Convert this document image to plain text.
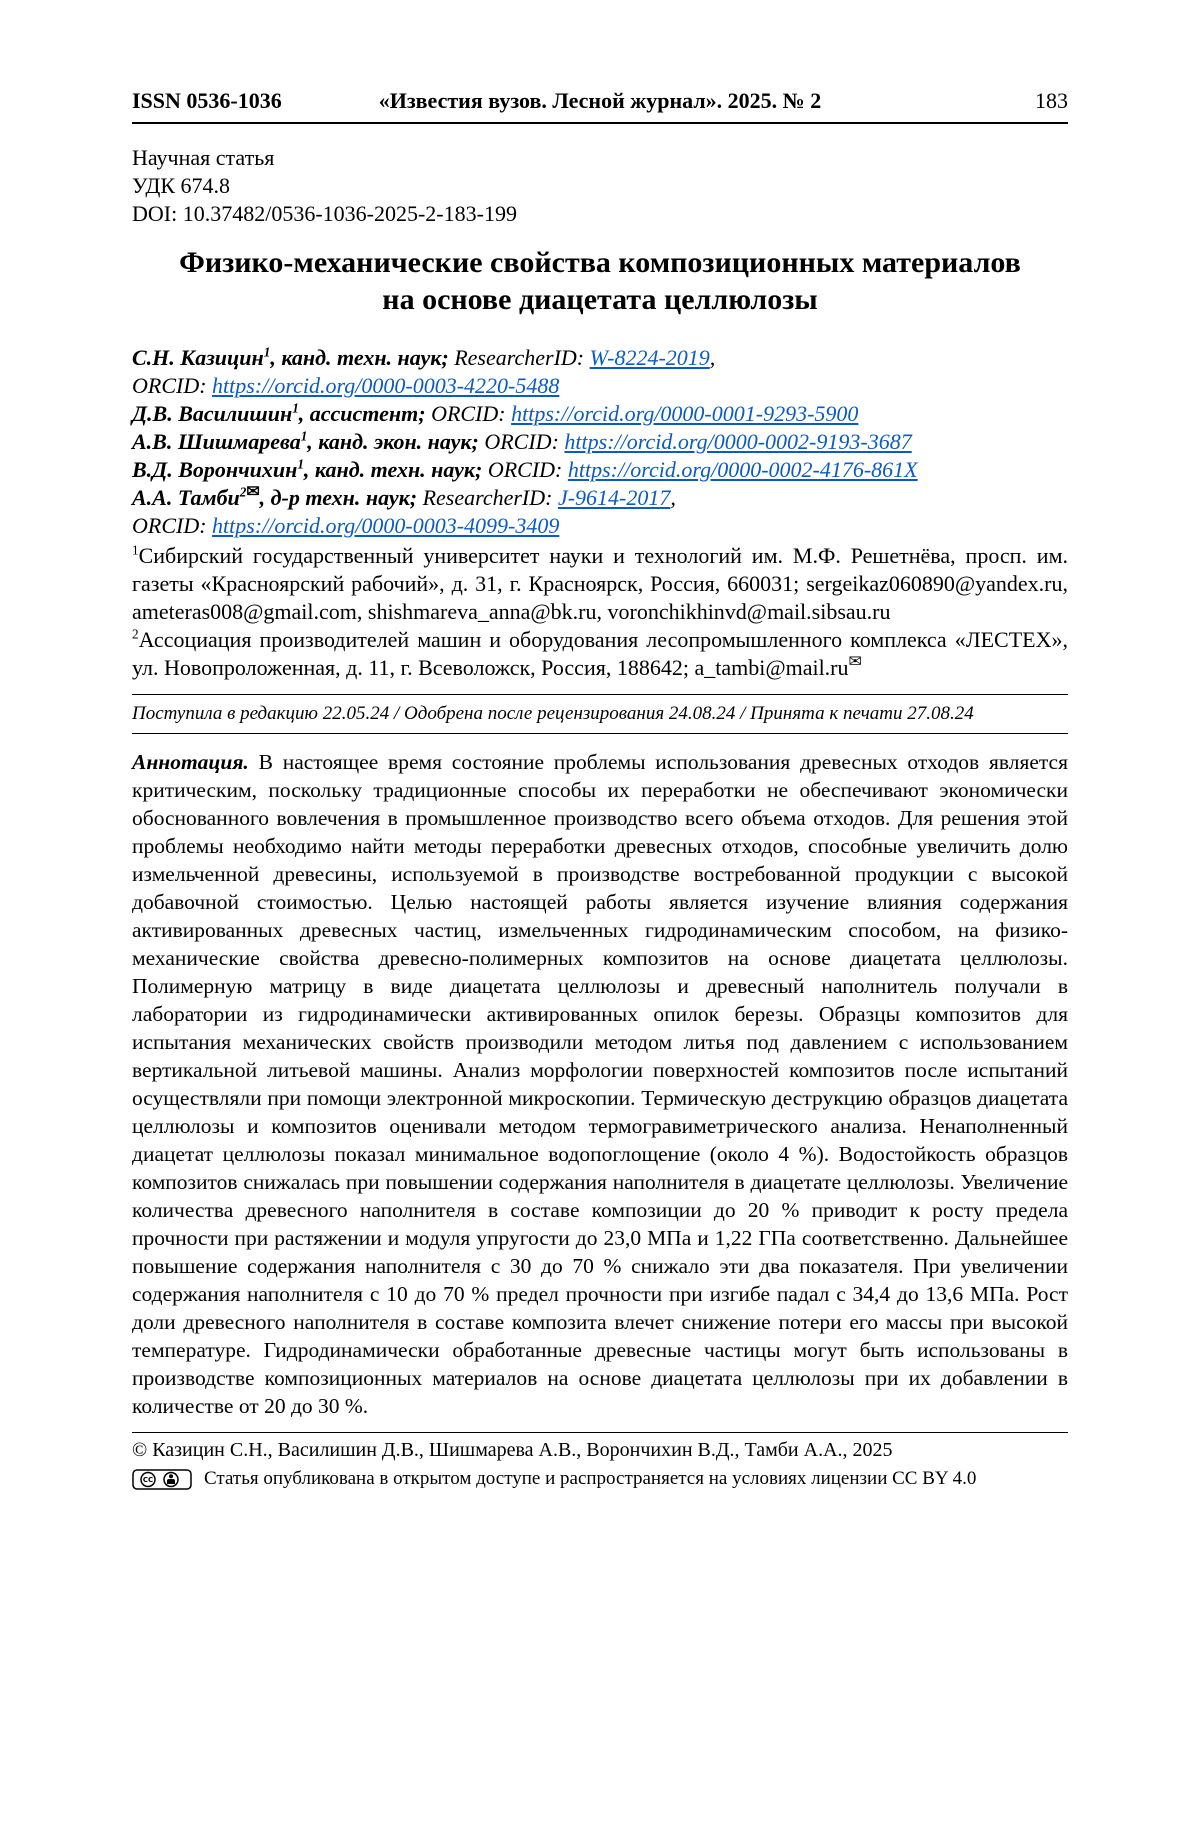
ISSN 0536-1036	«Известия вузов. Лесной журнал». 2025. № 2	183
Научная статья
УДК 674.8
DOI: 10.37482/0536-1036-2025-2-183-199
Физико-механические свойства композиционных материалов на основе диацетата целлюлозы

С.Н. Казицин$^1$, канд. техн. наук; ResearcherID: W-8224-2019, ORCID: https://orcid.org/0000-0003-4220-5488

Д.В. Василишин$^1$, ассистент; ORCID: https://orcid.org/0000-0001-9293-5900

А.В. Шишмарева$^1$, канд. экон. наук; ORCID: https://orcid.org/0000-0002-9193-3687

В.Д. Ворончихин$^1$, канд. техн. наук; ORCID: https://orcid.org/0000-0002-4176-861X

А.А. Тамби$^{2✉}$, д-р техн. наук; ResearcherID: J-9614-2017, ORCID: https://orcid.org/0000-0003-4099-3409

$^1$Сибирский государственный университет науки и технологий им. М.Ф. Решетнёва, просп. им. газеты «Красноярский рабочий», д. 31, г. Красноярск, Россия, 660031; sergeikaz060890@yandex.ru, ameteras008@gmail.com, shishmareva_anna@bk.ru, voronchikhinvd@mail.sibsau.ru

$^2$Ассоциация производителей машин и оборудования лесопромышленного комплекса «ЛЕСТЕХ», ул. Новопроложенная, д. 11, г. Всеволожск, Россия, 188642; a_tambi@mail.ru✉

Поступила в редакцию 22.05.24 / Одобрена после рецензирования 24.08.24 / Принята к печати 27.08.24

Аннотация. В настоящее время состояние проблемы использования древесных отходов является критическим, поскольку традиционные способы их переработки не обеспечивают экономически обоснованного вовлечения в промышленное производство всего объема отходов. Для решения этой проблемы необходимо найти методы переработки древесных отходов, способные увеличить долю измельченной древесины, используемой в производстве востребованной продукции с высокой добавочной стоимостью. Целью настоящей работы является изучение влияния содержания активированных древесных частиц, измельченных гидродинамическим способом, на физико-механические свойства древесно-полимерных композитов на основе диацетата целлюлозы. Полимерную матрицу в виде диацетата целлюлозы и древесный наполнитель получали в лаборатории из гидродинамически активированных опилок березы. Образцы композитов для испытания механических свойств производили методом литья под давлением с использованием вертикальной литьевой машины. Анализ морфологии поверхностей композитов после испытаний осуществляли при помощи электронной микроскопии. Термическую деструкцию образцов диацетата целлюлозы и композитов оценивали методом термогравиметрического анализа. Ненаполненный диацетат целлюлозы показал минимальное водопоглощение (около 4 %). Водостойкость образцов композитов снижалась при повышении содержания наполнителя в диацетате целлюлозы. Увеличение количества древесного наполнителя в составе композиции до 20 % приводит к росту предела прочности при растяжении и модуля упругости до 23,0 МПа и 1,22 ГПа соответственно. Дальнейшее повышение содержания наполнителя с 30 до 70 % снижало эти два показателя. При увеличении содержания наполнителя с 10 до 70 % предел прочности при изгибе падал с 34,4 до 13,6 МПа. Рост доли древесного наполнителя в составе композита влечет снижение потери его массы при высокой температуре. Гидродинамически обработанные древесные частицы могут быть использованы в производстве композиционных материалов на основе диацетата целлюлозы при их добавлении в количестве от 20 до 30 %.

© Казицин С.Н., Василишин Д.В., Шишмарева А.В., Ворончихин В.Д., Тамби А.А., 2025

CC	Статья опубликована в открытом доступе и распространяется на условиях лицензии CC BY 4.0
